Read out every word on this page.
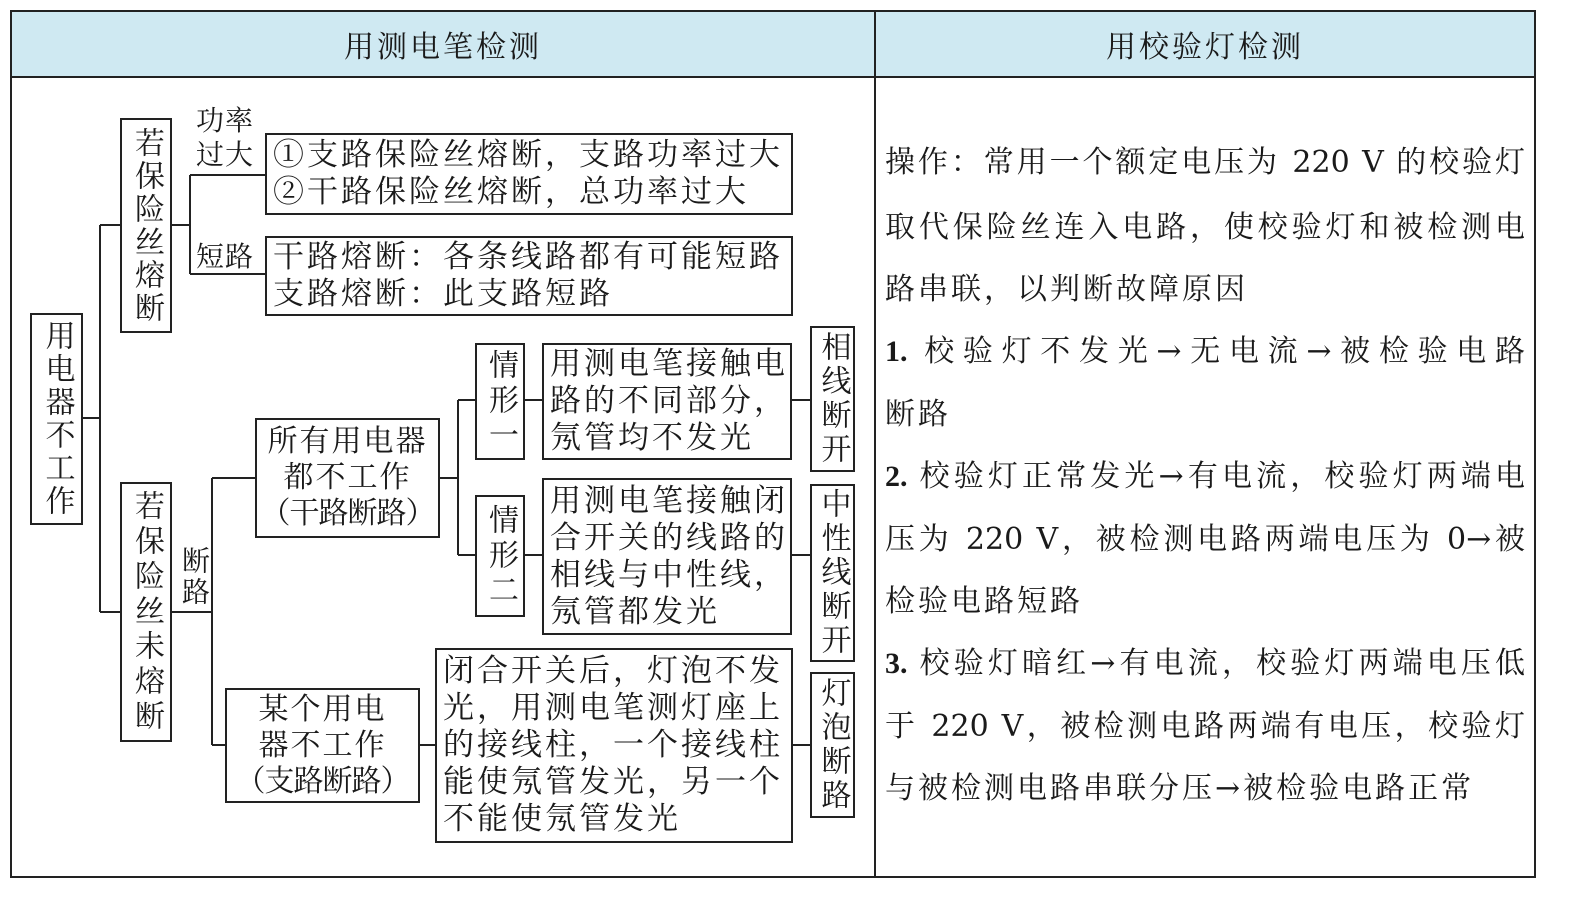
用测电笔检测	用校验灯检测
用电器不工作
若保险丝熔断
功率
过大 ①支路保险丝熔断，支路功率过大
②干路保险丝熔断，总功率过大
短路 干路熔断：各条线路都有可能短路
支路熔断：此支路短路
若保险丝未熔断 断路
所有用电器
都不工作
（干路断路）
情形一 用测电笔接触电
路的不同部分，
氖管均不发光	相线断开
情形二
用测电笔接触闭
合开关的线路的
相线与中性线，
氖管都发光	中性线断开
某个用电
器不工作
（支路断路）
闭合开关后，灯泡不发
光，用测电笔测灯座上
的接线柱，一个接线柱
能使氖管发光，另一个
不能使氖管发光
灯泡断路
操作：常用一个额定电压为 220 V 的校验灯
取代保险丝连入电路，使校验灯和被检测电
路串联，以判断故障原因
1. 校验灯不发光→无电流→被检验电路
断路
2. 校验灯正常发光→有电流，校验灯两端电
压为 220 V，被检测电路两端电压为 0→被
检验电路短路
3. 校验灯暗红→有电流，校验灯两端电压低
于 220 V，被检测电路两端有电压，校验灯
与被检测电路串联分压→被检验电路正常
